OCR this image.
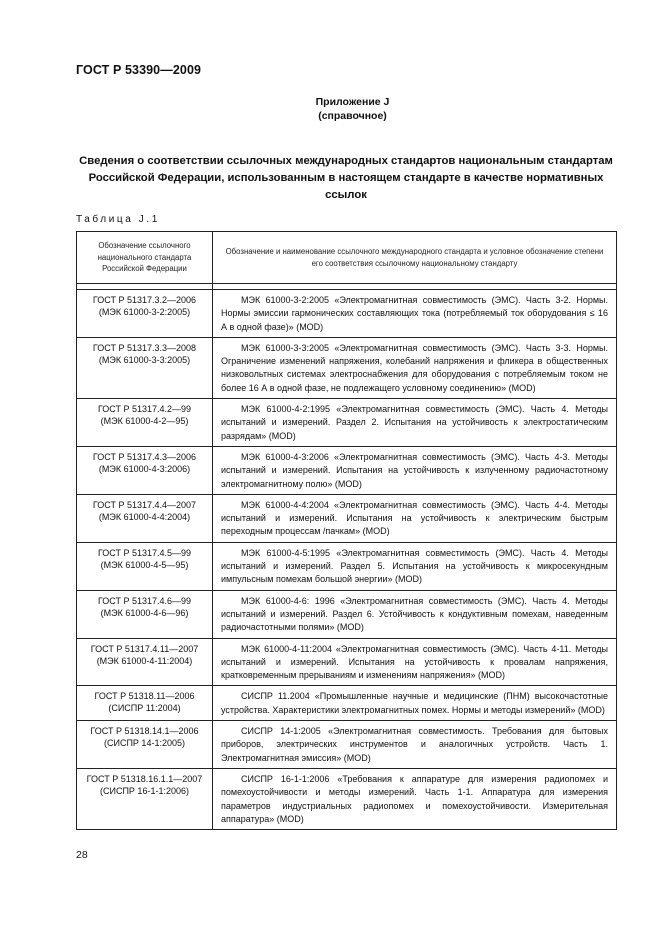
ГОСТ Р 53390—2009
Приложение J
(справочное)
Сведения о соответствии ссылочных международных стандартов национальным стандартам Российской Федерации, использованным в настоящем стандарте в качестве нормативных ссылок
Таблица J.1
Обозначение ссылочного национального стандарта Российской Федерации	Обозначение и наименование ссылочного международного стандарта и условное обозначение степени его соответствия ссылочному национальному стандарту

ГОСТ Р 51317.3.2—2006
(МЭК 61000-3-2:2005)	МЭК 61000-3-2:2005 «Электромагнитная совместимость (ЭМС). Часть 3-2. Нормы. Нормы эмиссии гармонических составляющих тока (потребляемый ток оборудования ≤ 16 А в одной фазе)» (MOD)

ГОСТ Р 51317.3.3—2008
(МЭК 61000-3-3:2005)	МЭК 61000-3-3:2005 «Электромагнитная совместимость (ЭМС). Часть 3-3. Нормы. Ограничение изменений напряжения, колебаний напряжения и фликера в общественных низковольтных системах электроснабжения для оборудования с потребляемым током не более 16 А в одной фазе, не подлежащего условному соединению» (MOD)

ГОСТ Р 51317.4.2—99
(МЭК 61000-4-2—95)	МЭК 61000-4-2:1995 «Электромагнитная совместимость (ЭМС). Часть 4. Методы испытаний и измерений. Раздел 2. Испытания на устойчивость к электростатическим разрядам» (MOD)

ГОСТ Р 51317.4.3—2006
(МЭК 61000-4-3:2006)	МЭК 61000-4-3:2006 «Электромагнитная совместимость (ЭМС). Часть 4-3. Методы испытаний и измерений. Испытания на устойчивость к излученному радиочастотному электромагнитному полю» (MOD)

ГОСТ Р 51317.4.4—2007
(МЭК 61000-4-4:2004)	МЭК 61000-4-4:2004 «Электромагнитная совместимость (ЭМС). Часть 4-4. Методы испытаний и измерений. Испытания на устойчивость к электрическим быстрым переходным процессам /пачкам» (MOD)

ГОСТ Р 51317.4.5—99
(МЭК 61000-4-5—95)	МЭК 61000-4-5:1995 «Электромагнитная совместимость (ЭМС). Часть 4. Методы испытаний и измерений. Раздел 5. Испытания на устойчивость к микросекундным импульсным помехам большой энергии» (MOD)

ГОСТ Р 51317.4.6—99
(МЭК 61000-4-6—96)	МЭК 61000-4-6: 1996 «Электромагнитная совместимость (ЭМС). Часть 4. Методы испытаний и измерений. Раздел 6. Устойчивость к кондуктивным помехам, наведенным радиочастотными полями» (MOD)

ГОСТ Р 51317.4.11—2007
(МЭК 61000-4-11:2004)	МЭК 61000-4-11:2004 «Электромагнитная совместимость (ЭМС). Часть 4-11. Методы испытаний и измерений. Испытания на устойчивость к провалам напряжения, кратковременным прерываниям и изменениям напряжения» (MOD)

ГОСТ Р 51318.11—2006
(СИСПР 11:2004)	СИСПР 11.2004 «Промышленные научные и медицинские (ПНМ) высокочастотные устройства. Характеристики электромагнитных помех. Нормы и методы измерений» (MOD)

ГОСТ Р 51318.14.1—2006
(СИСПР 14-1:2005)	СИСПР 14-1:2005 «Электромагнитная совместимость. Требования для бытовых приборов, электрических инструментов и аналогичных устройств. Часть 1. Электромагнитная эмиссия» (MOD)

ГОСТ Р 51318.16.1.1—2007
(СИСПР 16-1-1:2006)	СИСПР 16-1-1:2006 «Требования к аппаратуре для измерения радиопомех и помехоустойчивости и методы измерений. Часть 1-1. Аппаратура для измерения параметров индустриальных радиопомех и помехоустойчивости. Измерительная аппаратура» (MOD)
28
